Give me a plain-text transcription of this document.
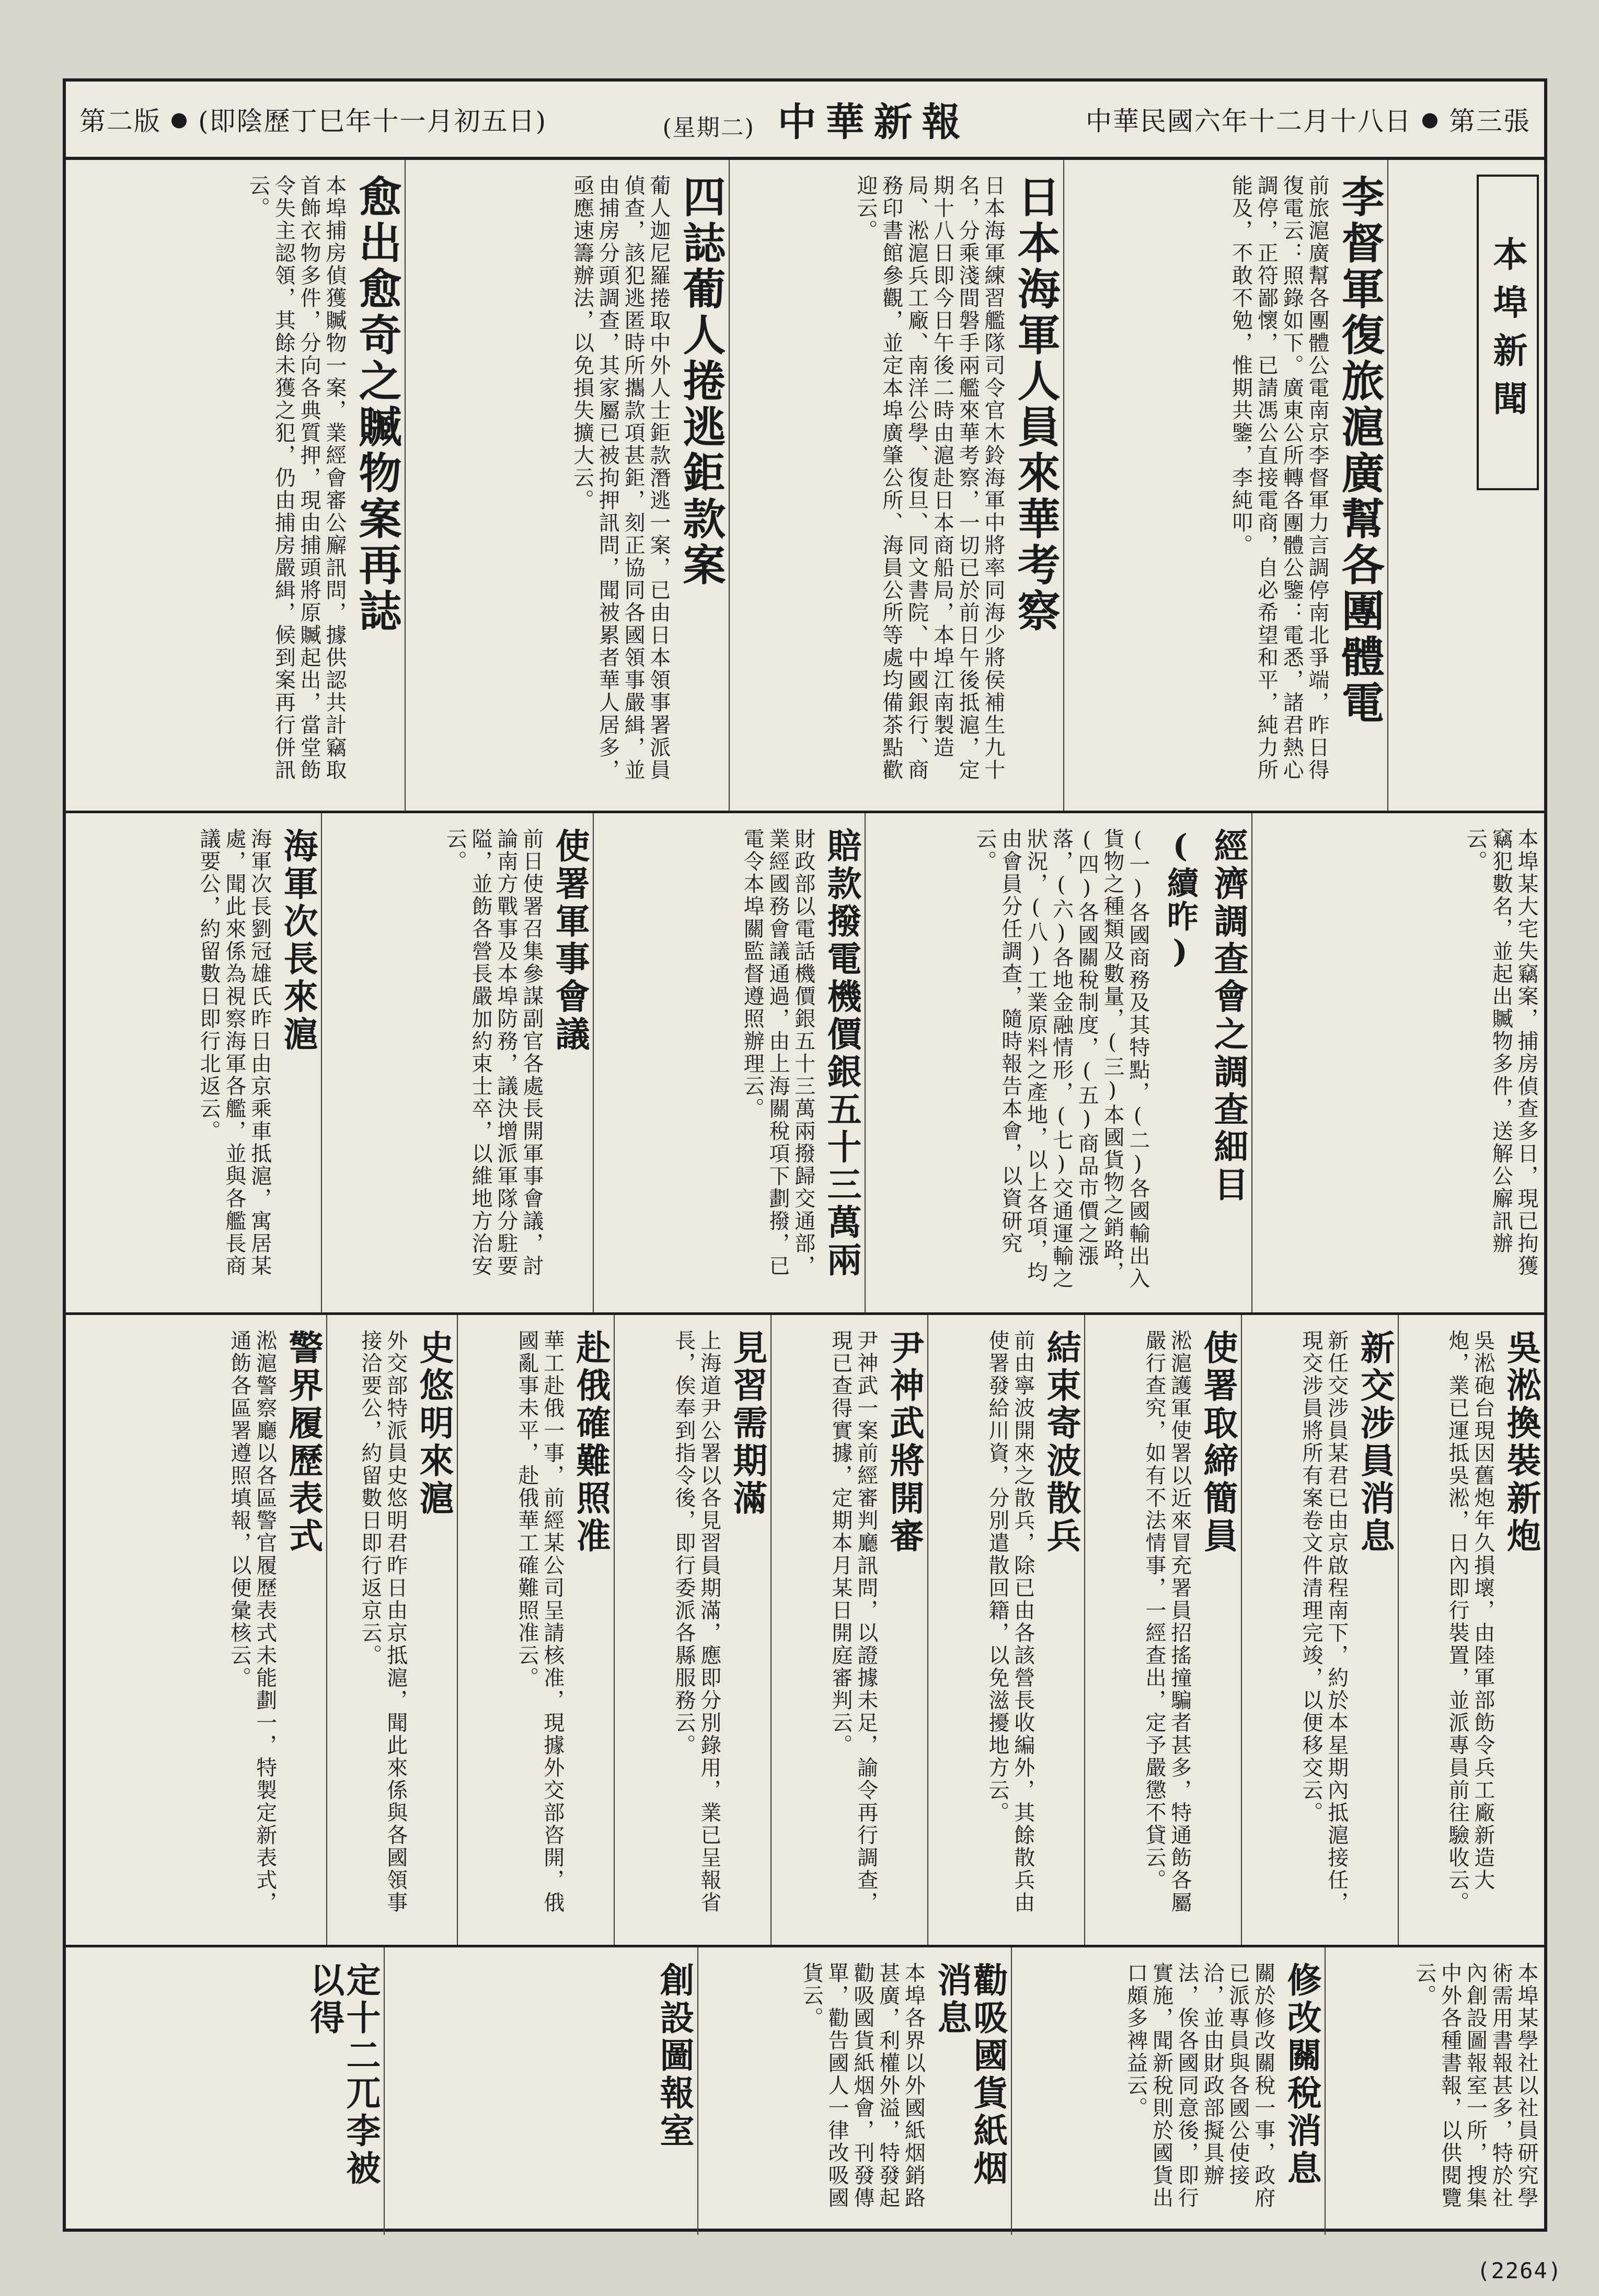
第二版 ● (即陰歷丁巳年十一月初五日)	(星期二) 中華新報	中華民國六年十二月十八日 ● 第三張
本埠新聞
李督軍復旅滬廣幫各團體電
前旅滬廣幫各團體公電南京李督軍力言調停南北爭端，昨日得復電云：照錄如下。廣東公所轉各團體公鑒：電悉，諸君熱心調停，正符鄙懷，已請馮公直接電商，自必希望和平，純力所能及，不敢不勉，惟期共鑒，李純叩。
日本海軍人員來華考察
日本海軍練習艦隊司令官木鈴海軍中將率同海少將侯補生九十名，分乘淺間磐手兩艦來華考察，一切已於前日午後抵滬，定期十八日即今日午後二時由滬赴日本商船局，本埠江南製造局、淞滬兵工廠、南洋公學、復旦、同文書院、中國銀行、商務印書館參觀，並定本埠廣肇公所、海員公所等處均備茶點歡迎云。
四誌葡人捲逃鉅款案
葡人迦尼羅捲取中外人士鉅款潛逃一案，已由日本領事署派員偵查，該犯逃匿時所攜款項甚鉅，刻正協同各國領事嚴緝，並由捕房分頭調查，其家屬已被拘押訊問，聞被累者華人居多，亟應速籌辦法，以免損失擴大云。
愈出愈奇之贓物案再誌
本埠捕房偵獲贓物一案，業經會審公廨訊問，據供認共計竊取首飾衣物多件，分向各典質押，現由捕頭將原贓起出，當堂飭令失主認領，其餘未獲之犯，仍由捕房嚴緝，候到案再行併訊云。
本埠某大宅失竊案，捕房偵查多日，現已拘獲竊犯數名，並起出贓物多件，送解公廨訊辦云。
經濟調查會之調查細目
(續昨)
(一)各國商務及其特點，(二)各國輸出入貨物之種類及數量，(三)本國貨物之銷路，(四)各國關稅制度，(五)商品市價之漲落，(六)各地金融情形，(七)交通運輸之狀況，(八)工業原料之產地，以上各項，均由會員分任調查，隨時報告本會，以資研究云。
賠款撥電機價銀五十三萬兩
財政部以電話機價銀五十三萬兩撥歸交通部，業經國務會議通過，由上海關稅項下劃撥，已電令本埠關監督遵照辦理云。
使署軍事會議
前日使署召集參謀副官各處長開軍事會議，討論南方戰事及本埠防務，議決增派軍隊分駐要隘，並飭各營長嚴加約束士卒，以維地方治安云。
海軍次長來滬
海軍次長劉冠雄氏昨日由京乘車抵滬，寓居某處，聞此來係為視察海軍各艦，並與各艦長商議要公，約留數日即行北返云。
吳淞換裝新炮
吳淞砲台現因舊炮年久損壞，由陸軍部飭令兵工廠新造大炮，業已運抵吳淞，日內即行裝置，並派專員前往驗收云。
新交涉員消息
新任交涉員某君已由京啟程南下，約於本星期內抵滬接任，現交涉員將所有案卷文件清理完竣，以便移交云。
使署取締簡員
淞滬護軍使署以近來冒充署員招搖撞騙者甚多，特通飭各屬嚴行查究，如有不法情事，一經查出，定予嚴懲不貸云。
結束寄波散兵
前由寧波開來之散兵，除已由各該營長收編外，其餘散兵由使署發給川資，分別遣散回籍，以免滋擾地方云。
尹神武將開審
尹神武一案前經審判廳訊問，以證據未足，諭令再行調查，現已查得實據，定期本月某日開庭審判云。
見習需期滿
上海道尹公署以各見習員期滿，應即分別錄用，業已呈報省長，俟奉到指令後，即行委派各縣服務云。
赴俄確難照准
華工赴俄一事，前經某公司呈請核准，現據外交部咨開，俄國亂事未平，赴俄華工確難照准云。
史悠明來滬
外交部特派員史悠明君昨日由京抵滬，聞此來係與各國領事接洽要公，約留數日即行返京云。
警界履歷表式
淞滬警察廳以各區警官履歷表式未能劃一，特製定新表式，通飭各區署遵照填報，以便彙核云。
本埠某學社以社員研究學術需用書報甚多，特於社內創設圖報室一所，搜集中外各種書報，以供閱覽云。
修改關稅消息
關於修改關稅一事，政府已派專員與各國公使接洽，並由財政部擬具辦法，俟各國同意後，即行實施，聞新稅則於國貨出口頗多裨益云。
勸吸國貨紙烟消息
本埠各界以外國紙烟銷路甚廣，利權外溢，特發起勸吸國貨紙烟會，刊發傳單，勸告國人一律改吸國貨云。
創設圖報室
定十二兀李被以得
(2264)
